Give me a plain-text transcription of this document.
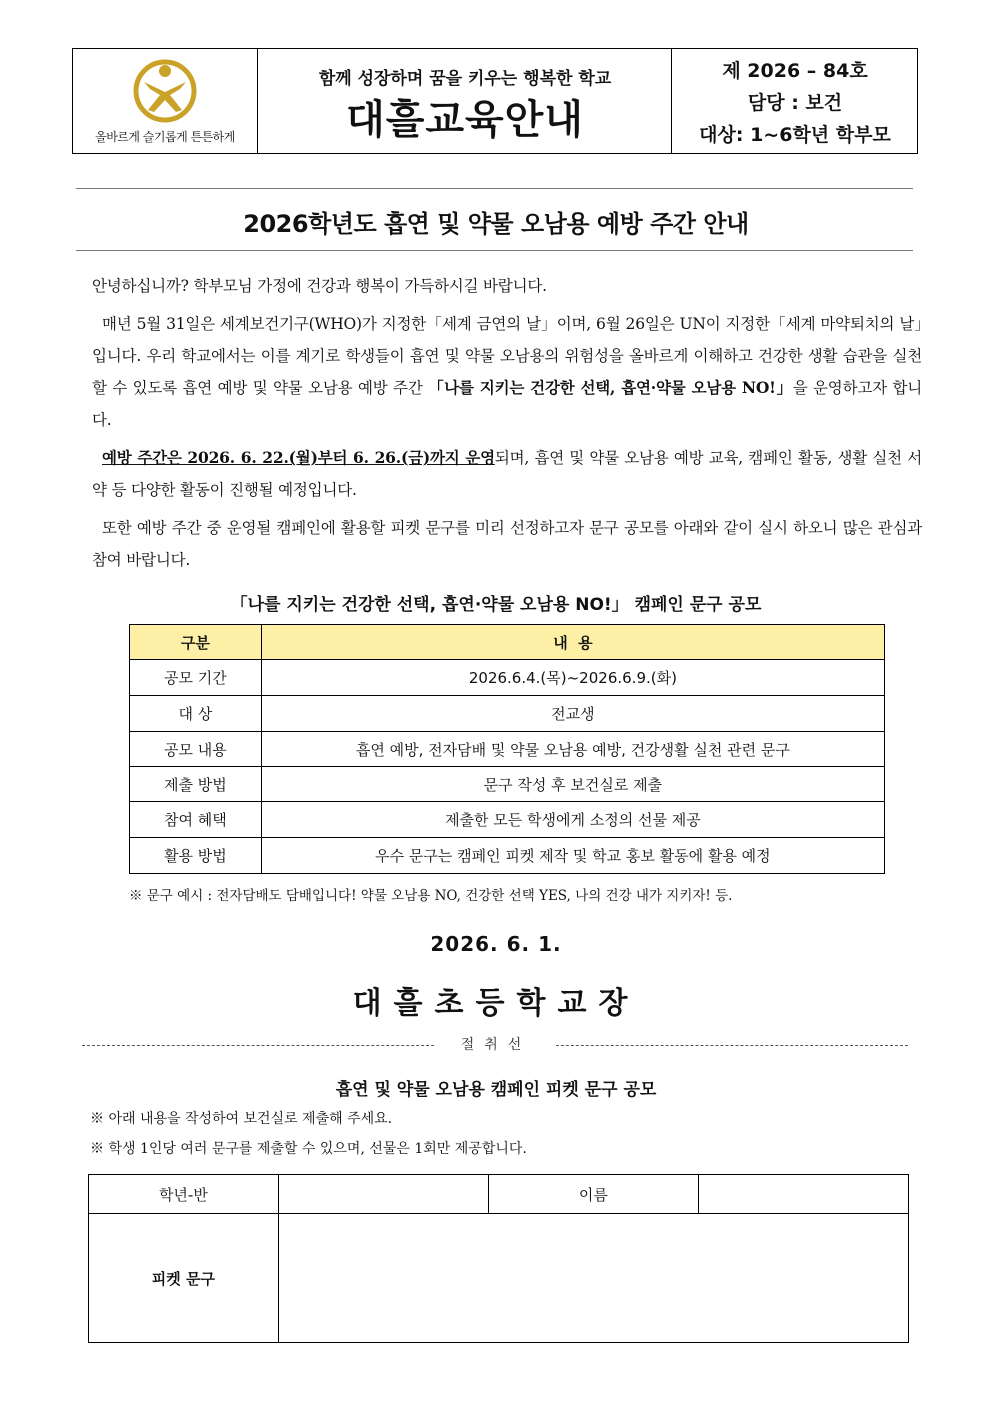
올바르게 슬기롭게 튼튼하게
함께 성장하며 꿈을 키우는 행복한 학교
대흘교육안내
제 2026 – 84호
담당 : 보건
대상: 1~6학년 학부모
2026학년도 흡연 및 약물 오남용 예방 주간 안내

안녕하십니까? 학부모님 가정에 건강과 행복이 가득하시길 바랍니다.

매년 5월 31일은 세계보건기구(WHO)가 지정한「세계 금연의 날」이며, 6월 26일은 UN이 지정한「세계 마약퇴치의 날」입니다. 우리 학교에서는 이를 계기로 학생들이 흡연 및 약물 오남용의 위험성을 올바르게 이해하고 건강한 생활 습관을 실천할 수 있도록 흡연 예방 및 약물 오남용 예방 주간 「나를 지키는 건강한 선택, 흡연·약물 오남용 NO!」을 운영하고자 합니다.

예방 주간은 2026. 6. 22.(월)부터 6. 26.(금)까지 운영되며, 흡연 및 약물 오남용 예방 교육, 캠페인 활동, 생활 실천 서약 등 다양한 활동이 진행될 예정입니다.

또한 예방 주간 중 운영될 캠페인에 활용할 피켓 문구를 미리 선정하고자 문구 공모를 아래와 같이 실시 하오니 많은 관심과 참여 바랍니다.

「나를 지키는 건강한 선택, 흡연·약물 오남용 NO!」 캠페인 문구 공모
구분	내  용
공모 기간	2026.6.4.(목)~2026.6.9.(화)
대 상	전교생
공모 내용	흡연 예방, 전자담배 및 약물 오남용 예방, 건강생활 실천 관련 문구
제출 방법	문구 작성 후 보건실로 제출
참여 혜택	제출한 모든 학생에게 소정의 선물 제공
활용 방법	우수 문구는 캠페인 피켓 제작 및 학교 홍보 활동에 활용 예정
※ 문구 예시 : 전자담배도 담배입니다! 약물 오남용 NO, 건강한 선택 YES, 나의 건강 내가 지키자! 등.
2026. 6. 1.
대흘초등학교장
절취선
흡연 및 약물 오남용 캠페인 피켓 문구 공모
※ 아래 내용을 작성하여 보건실로 제출해 주세요.
※ 학생 1인당 여러 문구를 제출할 수 있으며, 선물은 1회만 제공합니다.
학년-반		이름	
피켓 문구			
